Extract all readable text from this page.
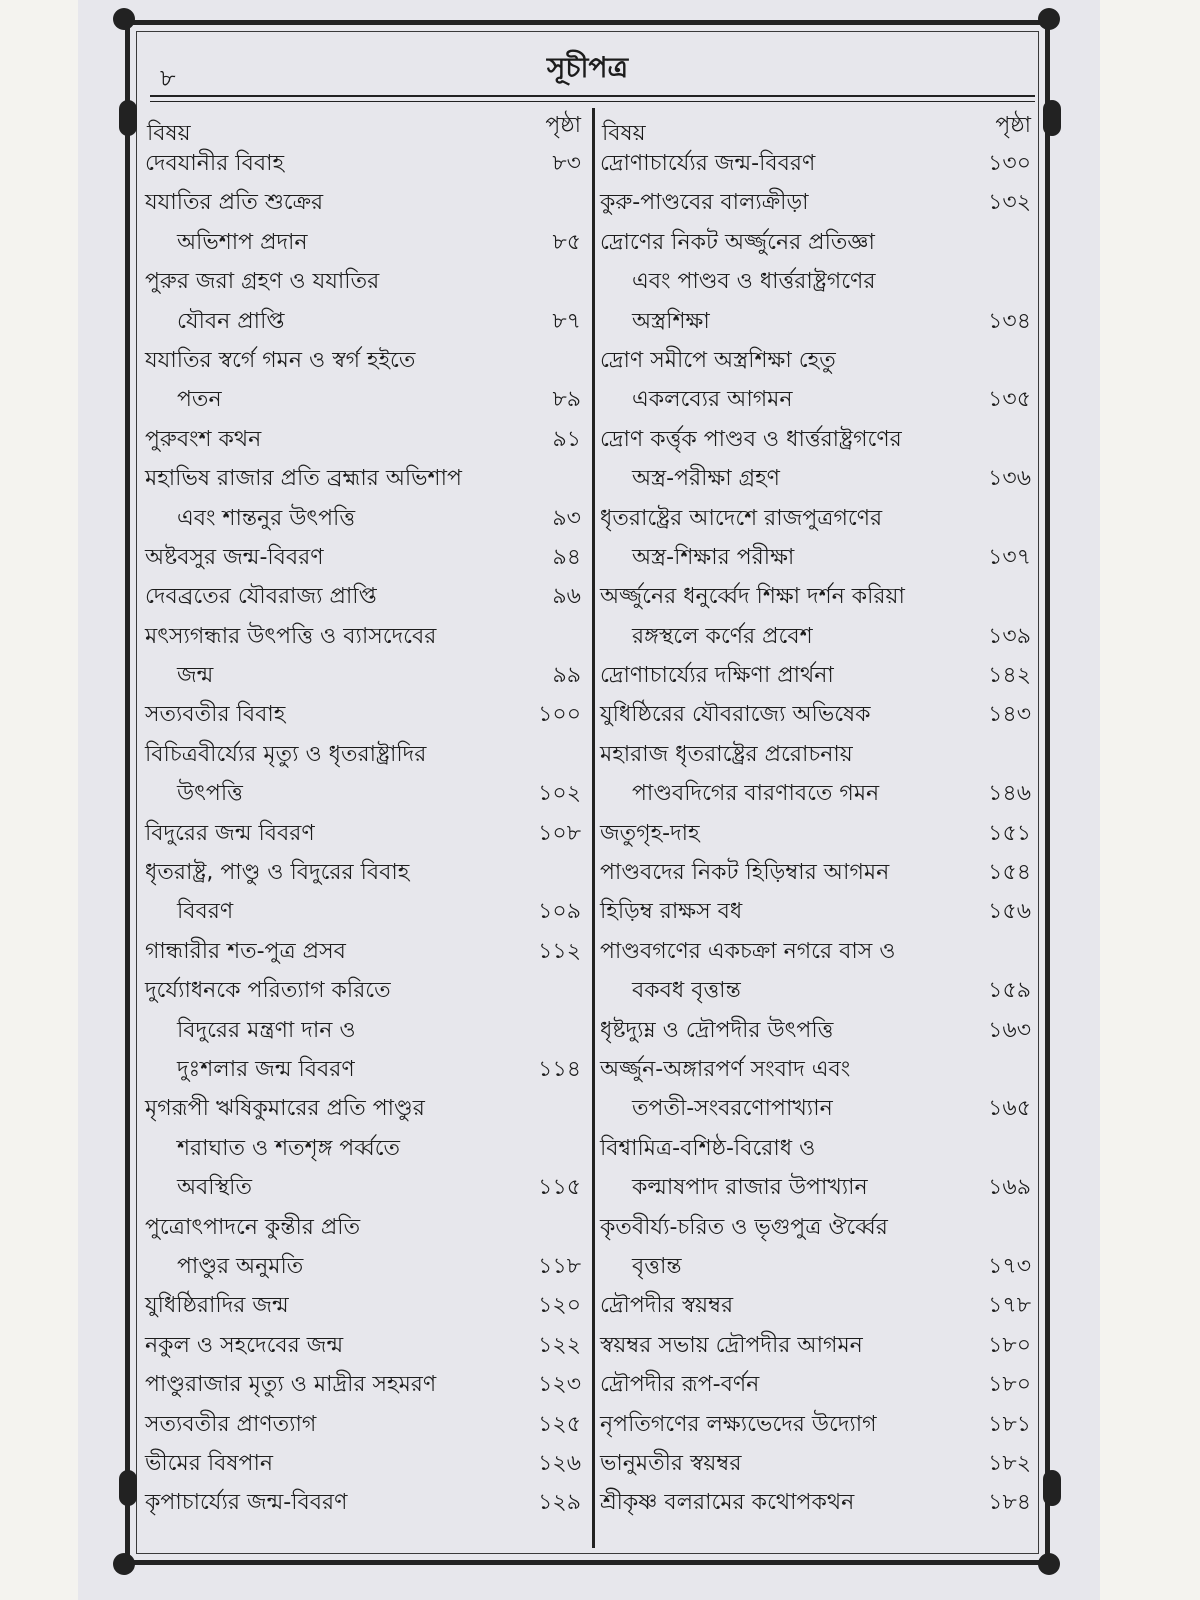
৮	সূচীপত্র
বিষয়	পৃষ্ঠা
দেবযানীর বিবাহ	৮৩
যযাতির প্রতি শুক্রের
অভিশাপ প্রদান	৮৫
পুরুর জরা গ্রহণ ও যযাতির
যৌবন প্রাপ্তি	৮৭
যযাতির স্বর্গে গমন ও স্বর্গ হইতে
পতন	৮৯
পুরুবংশ কথন	৯১
মহাভিষ রাজার প্রতি ব্রহ্মার অভিশাপ
এবং শান্তনুর উৎপত্তি	৯৩
অষ্টবসুর জন্ম-বিবরণ	৯৪
দেবব্রতের যৌবরাজ্য প্রাপ্তি	৯৬
মৎস্যগন্ধার উৎপত্তি ও ব্যাসদেবের
জন্ম	৯৯
সত্যবতীর বিবাহ	১০০
বিচিত্রবীর্য্যের মৃত্যু ও ধৃতরাষ্ট্রাদির
উৎপত্তি	১০২
বিদুরের জন্ম বিবরণ	১০৮
ধৃতরাষ্ট্র, পাণ্ডু ও বিদুরের বিবাহ
বিবরণ	১০৯
গান্ধারীর শত-পুত্র প্রসব	১১২
দুর্য্যোধনকে পরিত্যাগ করিতে
বিদুরের মন্ত্রণা দান ও
দুঃশলার জন্ম বিবরণ	১১৪
মৃগরূপী ঋষিকুমারের প্রতি পাণ্ডুর
শরাঘাত ও শতশৃঙ্গ পর্ব্বতে
অবস্থিতি	১১৫
পুত্রোৎপাদনে কুন্তীর প্রতি
পাণ্ডুর অনুমতি	১১৮
যুধিষ্ঠিরাদির জন্ম	১২০
নকুল ও সহদেবের জন্ম	১২২
পাণ্ডুরাজার মৃত্যু ও মাদ্রীর সহমরণ	১২৩
সত্যবতীর প্রাণত্যাগ	১২৫
ভীমের বিষপান	১২৬
কৃপাচার্য্যের জন্ম-বিবরণ	১২৯
বিষয়	পৃষ্ঠা
দ্রোণাচার্য্যের জন্ম-বিবরণ	১৩০
কুরু-পাণ্ডবের বাল্যক্রীড়া	১৩২
দ্রোণের নিকট অর্জ্জুনের প্রতিজ্ঞা
এবং পাণ্ডব ও ধার্ত্তরাষ্ট্রগণের
অস্ত্রশিক্ষা	১৩৪
দ্রোণ সমীপে অস্ত্রশিক্ষা হেতু
একলব্যের আগমন	১৩৫
দ্রোণ কর্ত্তৃক পাণ্ডব ও ধার্ত্তরাষ্ট্রগণের
অস্ত্র-পরীক্ষা গ্রহণ	১৩৬
ধৃতরাষ্ট্রের আদেশে রাজপুত্রগণের
অস্ত্র-শিক্ষার পরীক্ষা	১৩৭
অর্জ্জুনের ধনুর্ব্বেদ শিক্ষা দর্শন করিয়া
রঙ্গস্থলে কর্ণের প্রবেশ	১৩৯
দ্রোণাচার্য্যের দক্ষিণা প্রার্থনা	১৪২
যুধিষ্ঠিরের যৌবরাজ্যে অভিষেক	১৪৩
মহারাজ ধৃতরাষ্ট্রের প্ররোচনায়
পাণ্ডবদিগের বারণাবতে গমন	১৪৬
জতুগৃহ-দাহ	১৫১
পাণ্ডবদের নিকট হিড়িম্বার আগমন	১৫৪
হিড়িম্ব রাক্ষস বধ	১৫৬
পাণ্ডবগণের একচক্রা নগরে বাস ও
বকবধ বৃত্তান্ত	১৫৯
ধৃষ্টদ্যুম্ন ও দ্রৌপদীর উৎপত্তি	১৬৩
অর্জ্জুন-অঙ্গারপর্ণ সংবাদ এবং
তপতী-সংবরণোপাখ্যান	১৬৫
বিশ্বামিত্র-বশিষ্ঠ-বিরোধ ও
কল্মাষপাদ রাজার উপাখ্যান	১৬৯
কৃতবীর্য্য-চরিত ও ভৃগুপুত্র ঔর্ব্বের
বৃত্তান্ত	১৭৩
দ্রৌপদীর স্বয়ম্বর	১৭৮
স্বয়ম্বর সভায় দ্রৌপদীর আগমন	১৮০
দ্রৌপদীর রূপ-বর্ণন	১৮০
নৃপতিগণের লক্ষ্যভেদের উদ্যোগ	১৮১
ভানুমতীর স্বয়ম্বর	১৮২
শ্রীকৃষ্ণ বলরামের কথোপকথন	১৮৪
